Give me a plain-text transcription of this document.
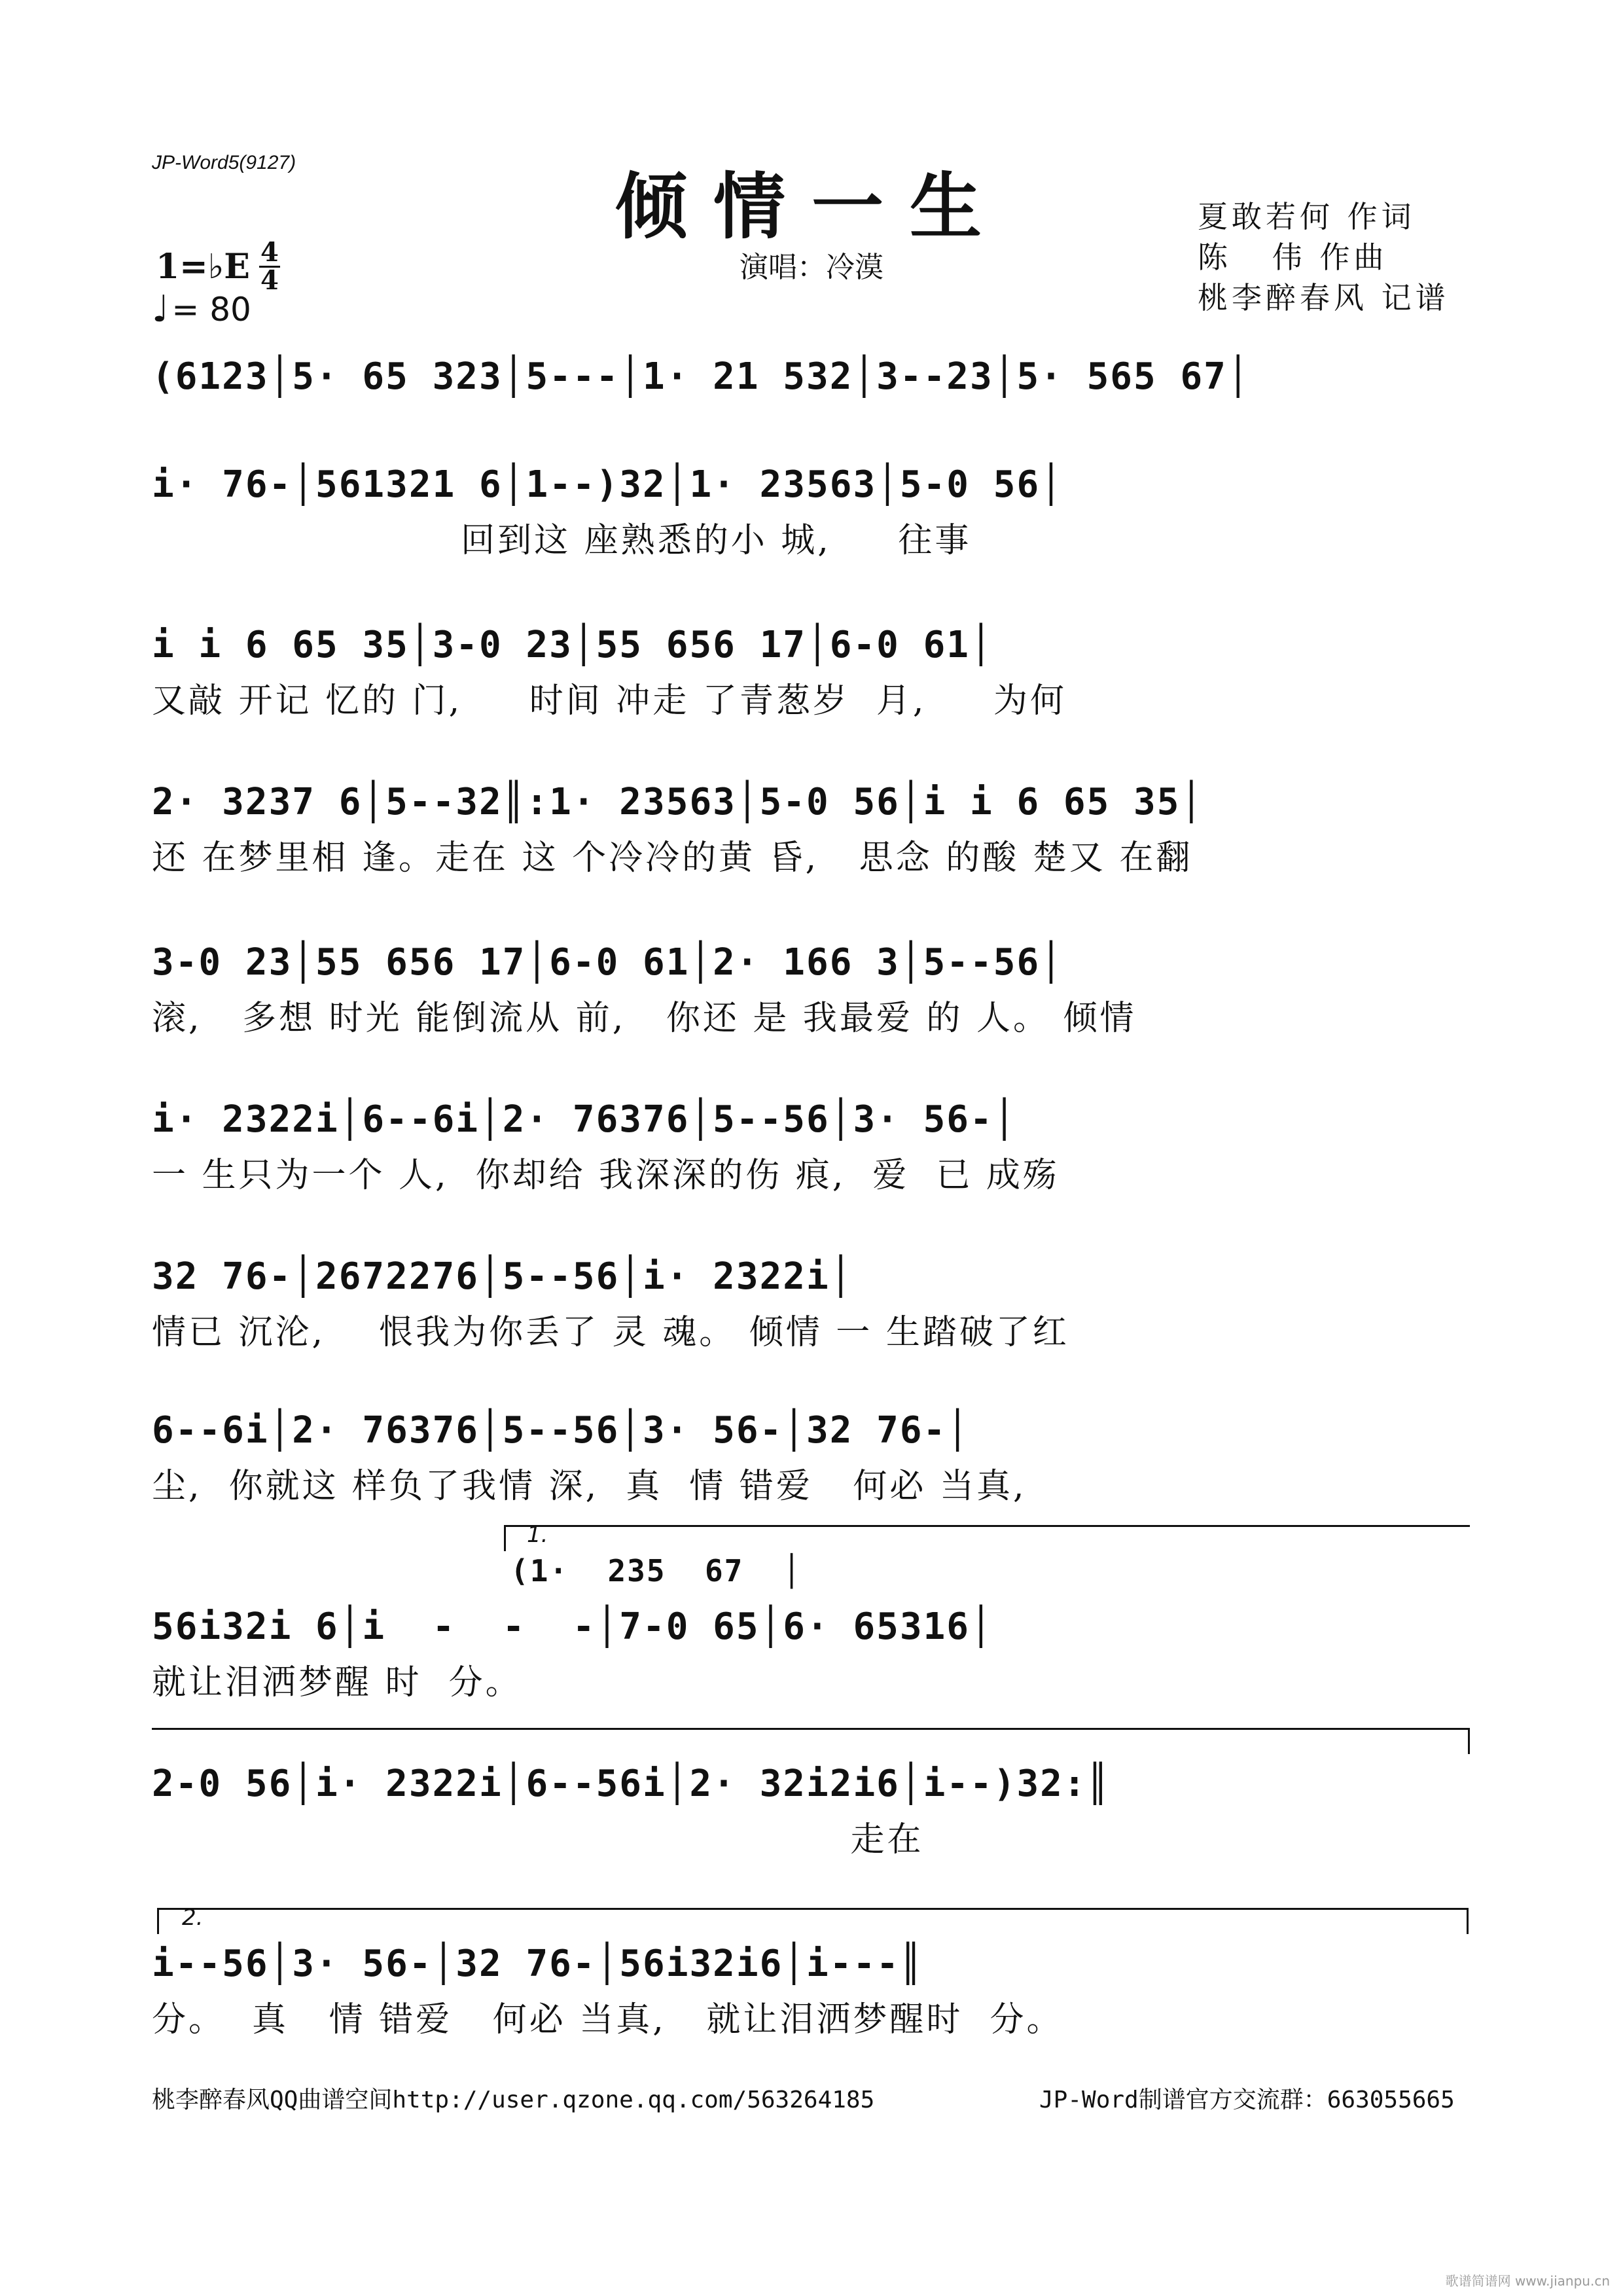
JP-Word5(9127)
倾情一生
演唱：冷漠
夏敢若何 作词
陈   伟 作曲
桃李醉春风 记谱
1=♭E 4
4
♩ = 80
(6123│5· 65 323│5---│1· 21 532│3--23│5· 565 67│
i· 76-│561321 6│1--)32│1· 23563│5-0 56│
回到这 座熟悉的小 城,     往事
i i 6 65 35│3-0 23│55 656 17│6-0 61│
又敲 开记 忆的 门,     时间 冲走 了青葱岁  月,     为何
2· 3237 6│5--32║:1· 23563│5-0 56│i i 6 65 35│
还 在梦里相 逢。走在 这 个冷冷的黄 昏,   思念 的酸 楚又 在翻
3-0 23│55 656 17│6-0 61│2· 166 3│5--56│
滚,   多想 时光 能倒流从 前,   你还 是 我最爱 的 人。 倾情
i· 2322i│6--6i│2· 76376│5--56│3· 56-│
一 生只为一个 人,  你却给 我深深的伤 痕,  爱  已 成殇
32 76-│2672276│5--56│i· 2322i│
情已 沉沦,    恨我为你丢了 灵 魂。 倾情 一 生踏破了红
6--6i│2· 76376│5--56│3· 56-│32 76-│
尘,  你就这 样负了我情 深,  真  情 错爱   何必 当真,
1.
(1·  235  67  │
56i32i 6│i  -  -  -│7-0 65│6· 65316│
就让泪洒梦醒 时  分。
2-0 56│i· 2322i│6--56i│2· 32i2i6│i--)32:║
走在
2.
i--56│3· 56-│32 76-│56i32i6│i---║
分。  真   情 错爱   何必 当真,   就让泪洒梦醒时  分。
桃李醉春风QQ曲谱空间http://user.qzone.qq.com/563264185	JP-Word制谱官方交流群：663055665
歌谱简谱网 www.jianpu.cn
